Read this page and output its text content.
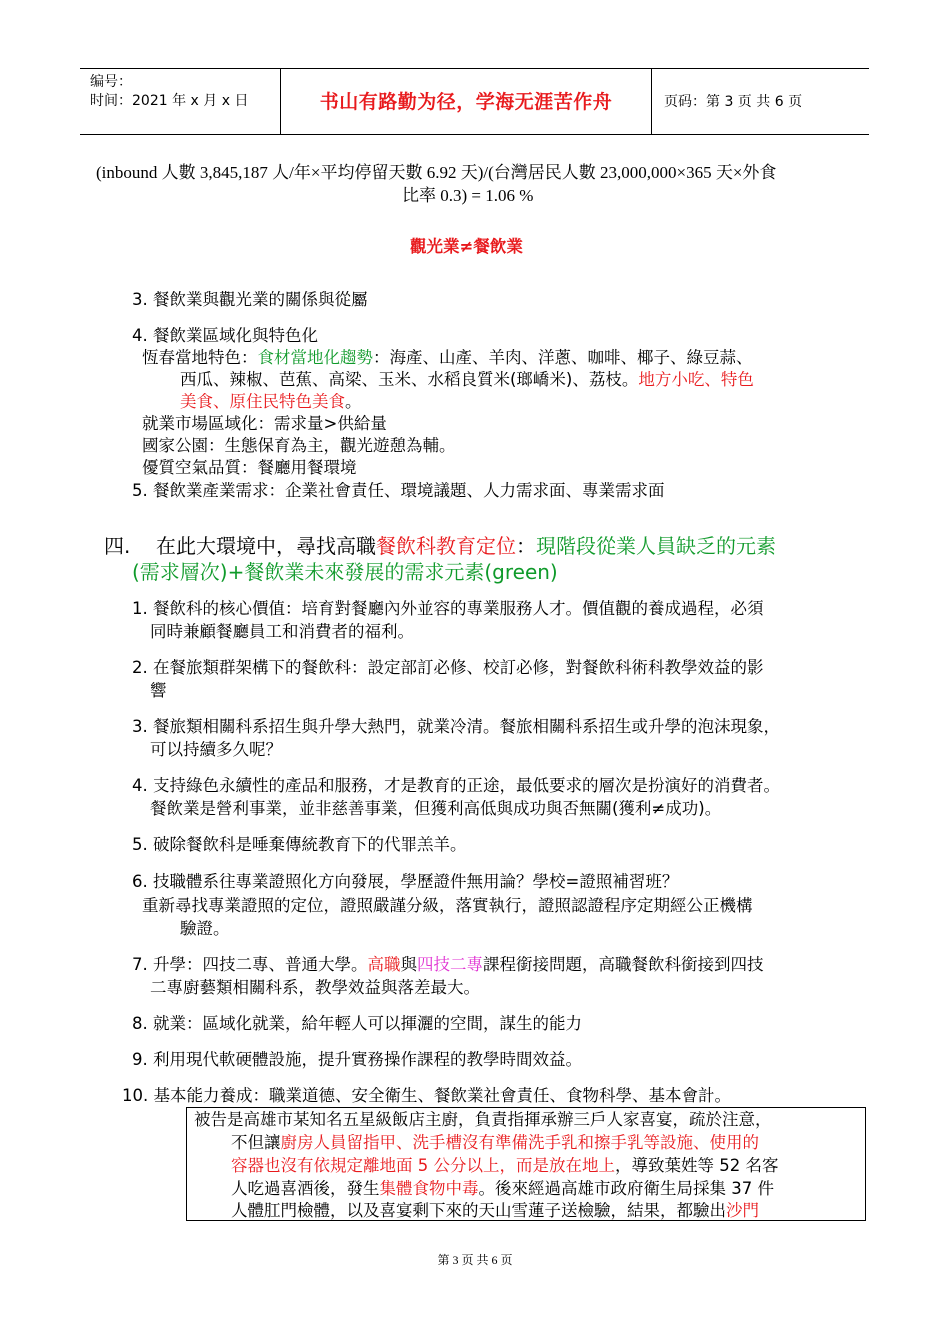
编号：
时间：2021 年 x 月 x 日	书山有路勤为径，学海无涯苦作舟	页码：第 3 页 共 6 页
(inbound 人數 3,845,187 人/年×平均停留天數 6.92 天)/(台灣居民人數 23,000,000×365 天×外食
比率 0.3) = 1.06 %
觀光業≠餐飲業
3. 餐飲業與觀光業的關係與從屬
4. 餐飲業區域化與特色化
恆春當地特色：食材當地化趨勢：海產、山產、羊肉、洋蔥、咖啡、椰子、綠豆蒜、
西瓜、辣椒、芭蕉、高梁、玉米、水稻良質米(瑯嶠米)、荔枝。地方小吃、特色
美食、原住民特色美食。
就業市場區域化：需求量>供給量
國家公園：生態保育為主，觀光遊憩為輔。
優質空氣品質：餐廳用餐環境
5. 餐飲業產業需求：企業社會責任、環境議題、人力需求面、專業需求面
四. 在此大環境中，尋找高職餐飲科教育定位：現階段從業人員缺乏的元素
(需求層次)+餐飲業未來發展的需求元素(green)
1. 餐飲科的核心價值：培育對餐廳內外並容的專業服務人才。價值觀的養成過程，必須
同時兼顧餐廳員工和消費者的福利。
2. 在餐旅類群架構下的餐飲科：設定部訂必修、校訂必修，對餐飲科術科教學效益的影
響
3. 餐旅類相關科系招生與升學大熱門，就業冷清。餐旅相關科系招生或升學的泡沫現象，
可以持續多久呢？
4. 支持綠色永續性的產品和服務，才是教育的正途，最低要求的層次是扮演好的消費者。
餐飲業是營利事業，並非慈善事業，但獲利高低與成功與否無關(獲利≠成功)。
5. 破除餐飲科是唾棄傳統教育下的代罪羔羊。
6. 技職體系往專業證照化方向發展，學歷證件無用論？學校=證照補習班？
重新尋找專業證照的定位，證照嚴謹分級，落實執行，證照認證程序定期經公正機構
驗證。
7. 升學：四技二專、普通大學。高職與四技二專課程銜接問題，高職餐飲科銜接到四技
二專廚藝類相關科系，教學效益與落差最大。
8. 就業：區域化就業，給年輕人可以揮灑的空間，謀生的能力
9. 利用現代軟硬體設施，提升實務操作課程的教學時間效益。
10. 基本能力養成：職業道德、安全衛生、餐飲業社會責任、食物科學、基本會計。
被告是高雄市某知名五星級飯店主廚，負責指揮承辦三戶人家喜宴，疏於注意，
不但讓廚房人員留指甲、洗手槽沒有準備洗手乳和擦手乳等設施、使用的
容器也沒有依規定離地面 5 公分以上，而是放在地上，導致葉姓等 52 名客
人吃過喜酒後，發生集體食物中毒。後來經過高雄市政府衛生局採集 37 件
人體肛門檢體，以及喜宴剩下來的天山雪蓮子送檢驗，結果，都驗出沙門
第 3 页 共 6 页
